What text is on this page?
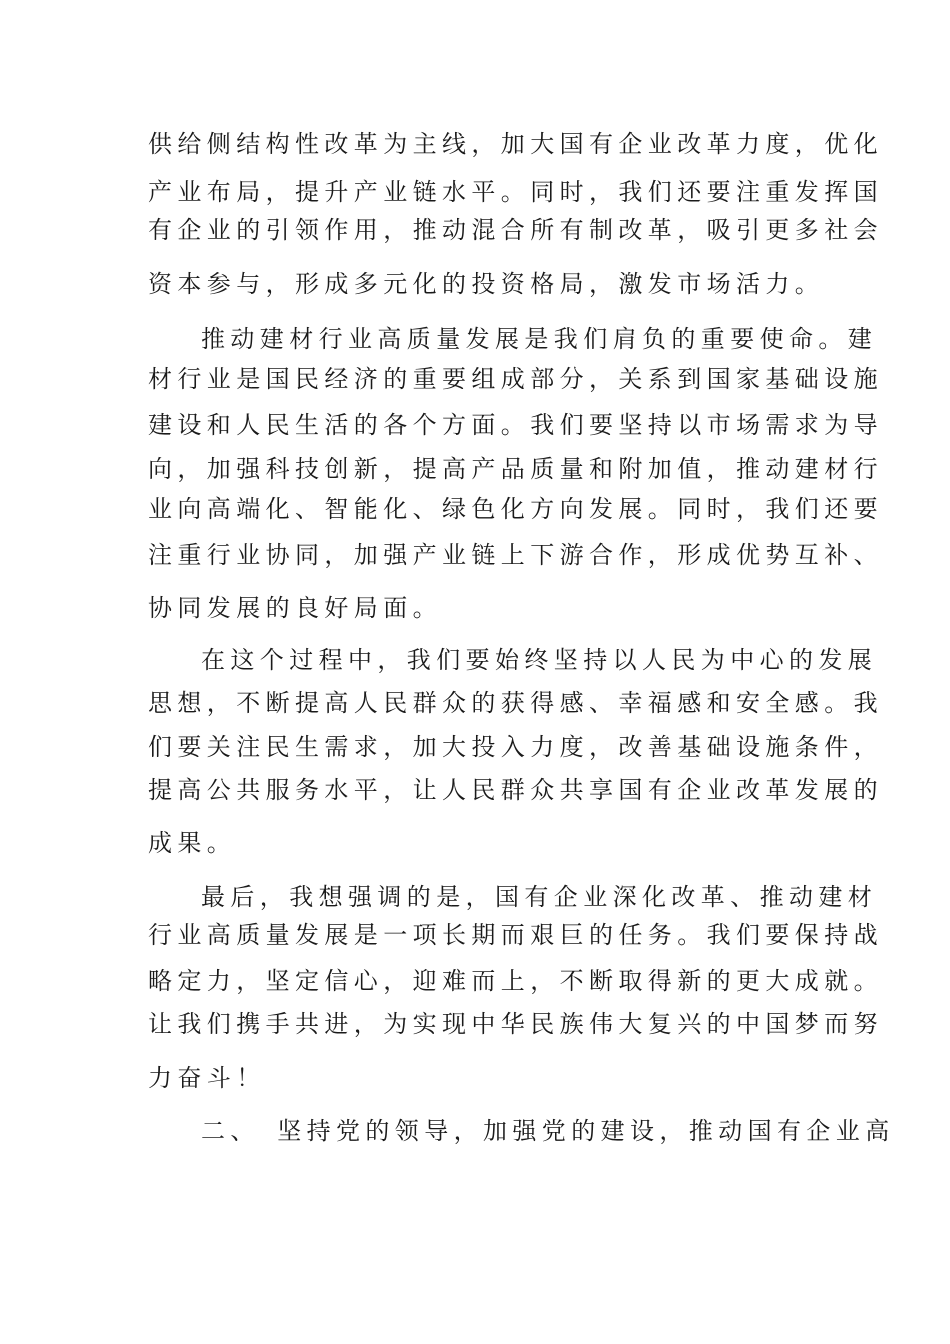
供给侧结构性改革为主线，加大国有企业改革力度，优化
产业布局，提升产业链水平。同时，我们还要注重发挥国
有企业的引领作用，推动混合所有制改革，吸引更多社会
资本参与，形成多元化的投资格局，激发市场活力。
推动建材行业高质量发展是我们肩负的重要使命。建
材行业是国民经济的重要组成部分，关系到国家基础设施
建设和人民生活的各个方面。我们要坚持以市场需求为导
向，加强科技创新，提高产品质量和附加值，推动建材行
业向高端化、智能化、绿色化方向发展。同时，我们还要
注重行业协同，加强产业链上下游合作，形成优势互补、
协同发展的良好局面。
在这个过程中，我们要始终坚持以人民为中心的发展
思想，不断提高人民群众的获得感、幸福感和安全感。我
们要关注民生需求，加大投入力度，改善基础设施条件，
提高公共服务水平，让人民群众共享国有企业改革发展的
成果。
最后，我想强调的是，国有企业深化改革、推动建材
行业高质量发展是一项长期而艰巨的任务。我们要保持战
略定力，坚定信心，迎难而上，不断取得新的更大成就。
让我们携手共进，为实现中华民族伟大复兴的中国梦而努
力奋斗！
二、　坚持党的领导，加强党的建设，推动国有企业高
